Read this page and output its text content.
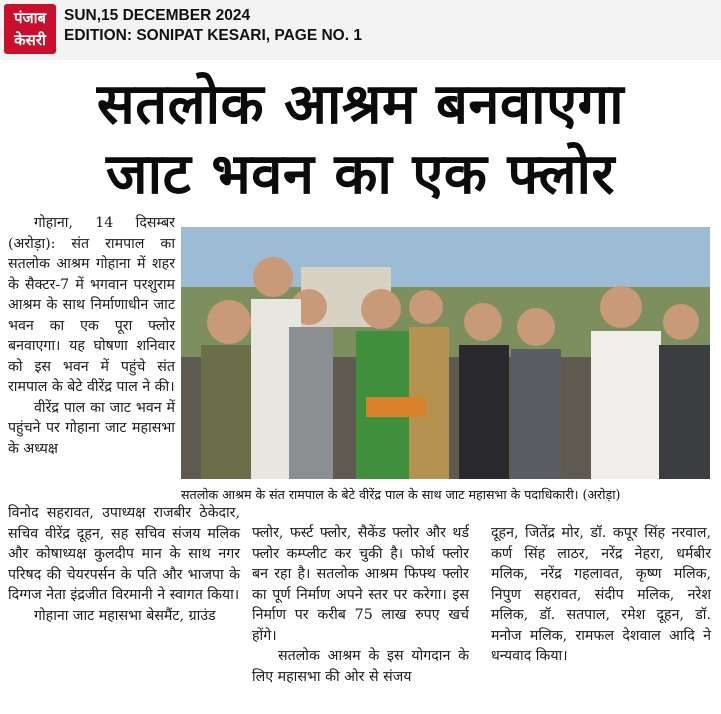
पंजाब
केसरी
SUN,15 DECEMBER 2024
EDITION: SONIPAT KESARI, PAGE NO. 1
सतलोक आश्रम बनवाएगा
जाट भवन का एक फ्लोर

गोहाना, 14 दिसम्बर (अरोड़ा): संत रामपाल का सतलोक आश्रम गोहाना में शहर के सैक्टर-7 में भगवान परशुराम आश्रम के साथ निर्माणाधीन जाट भवन का एक पूरा फ्लोर बनवाएगा। यह घोषणा शनिवार को इस भवन में पहुंचे संत रामपाल के बेटे वीरेंद्र पाल ने की।

वीरेंद्र पाल का जाट भवन में पहुंचने पर गोहाना जाट महासभा के अध्यक्ष

विनोद सहरावत, उपाध्यक्ष राजबीर ठेकेदार, सचिव वीरेंद्र दूहन, सह सचिव संजय मलिक और कोषाध्यक्ष कुलदीप मान के साथ नगर परिषद की चेयरपर्सन के पति और भाजपा के दिग्गज नेता इंद्रजीत विरमानी ने स्वागत किया।

गोहाना जाट महासभा बेसमैंट, ग्राउंड

सतलोक आश्रम के संत रामपाल के बेटे वीरेंद्र पाल के साथ जाट महासभा के पदाधिकारी। (अरोड़ा)

फ्लोर, फर्स्ट फ्लोर, सैकेंड फ्लोर और थर्ड फ्लोर कम्प्लीट कर चुकी है। फोर्थ फ्लोर बन रहा है। सतलोक आश्रम फिफ्थ फ्लोर का पूर्ण निर्माण अपने स्तर पर करेगा। इस निर्माण पर करीब 75 लाख रुपए खर्च होंगे।

सतलोक आश्रम के इस योगदान के लिए महासभा की ओर से संजय

दूहन, जितेंद्र मोर, डॉ. कपूर सिंह नरवाल, कर्ण सिंह लाठर, नरेंद्र नेहरा, धर्मबीर मलिक, नरेंद्र गहलावत, कृष्ण मलिक, निपुण सहरावत, संदीप मलिक, नरेश मलिक, डॉ. सतपाल, रमेश दूहन, डॉ. मनोज मलिक, रामफल देशवाल आदि ने धन्यवाद किया।
